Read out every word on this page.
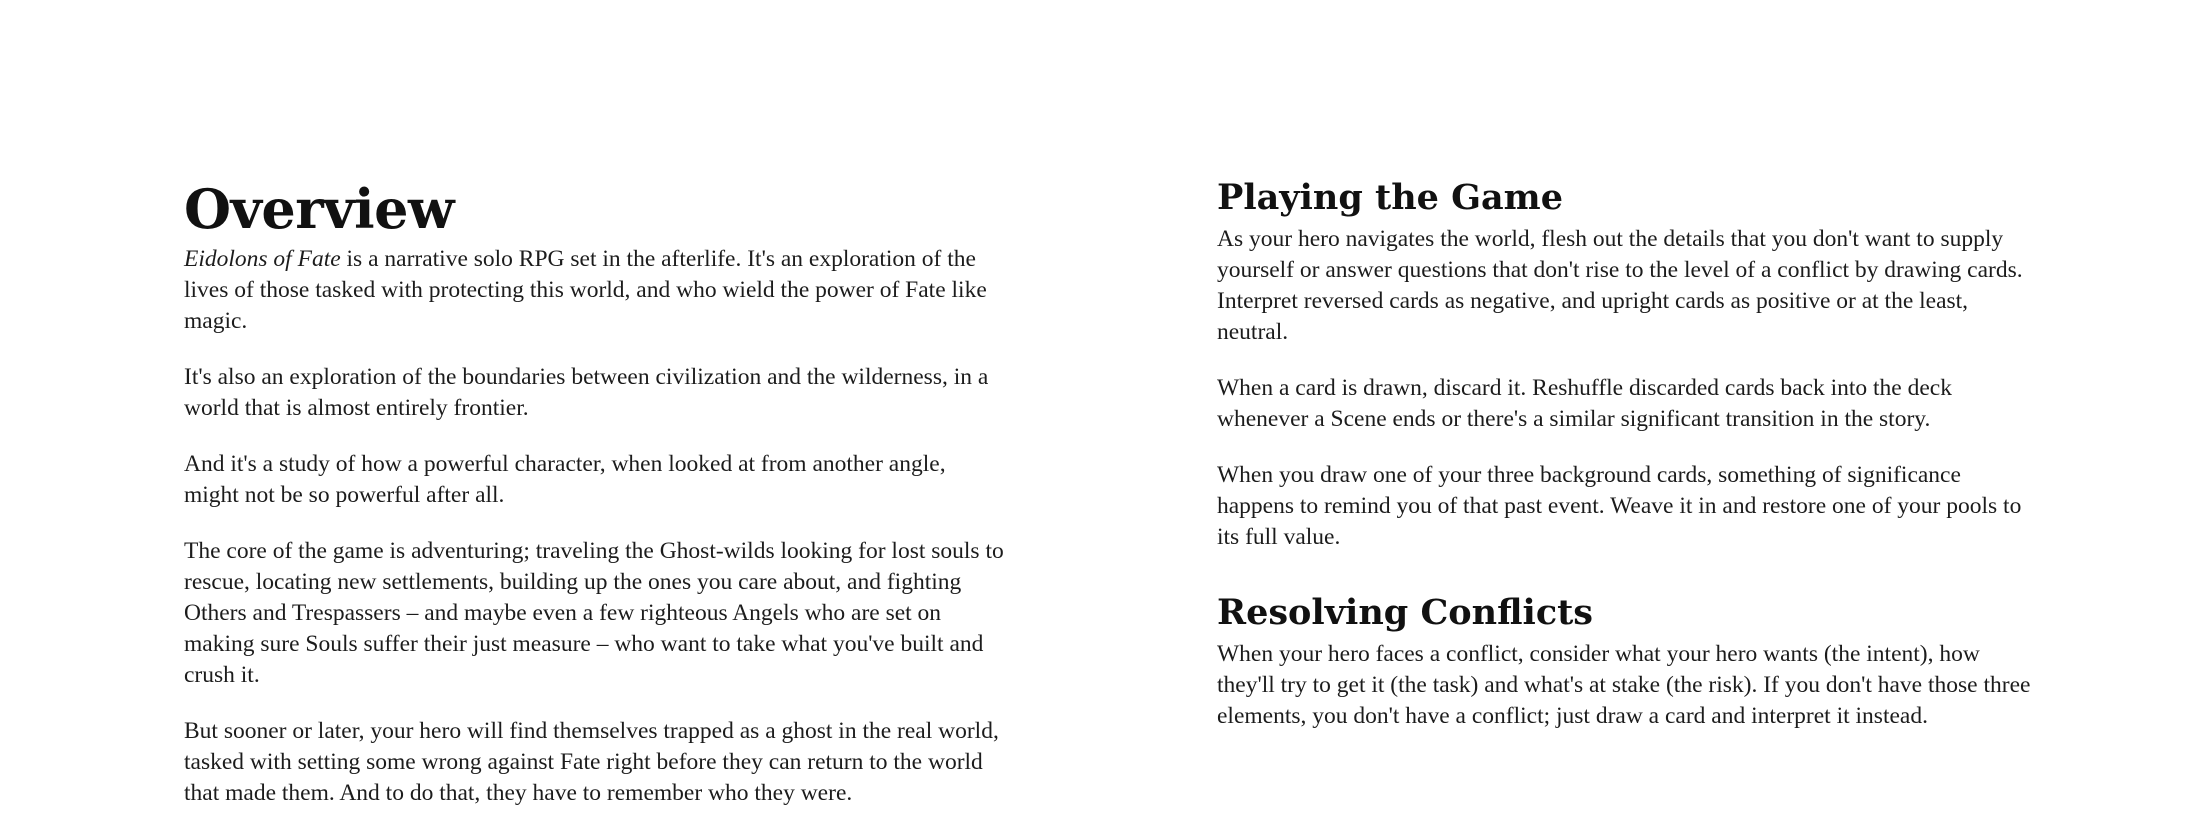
Overview

Eidolons of Fate is a narrative solo RPG set in the afterlife. It's an exploration of the lives of those tasked with protecting this world, and who wield the power of Fate like magic.

It's also an exploration of the boundaries between civilization and the wilderness, in a world that is almost entirely frontier.

And it's a study of how a powerful character, when looked at from another angle, might not be so powerful after all.

The core of the game is adventuring; traveling the Ghost-wilds looking for lost souls to rescue, locating new settlements, building up the ones you care about, and fighting Others and Trespassers – and maybe even a few righteous Angels who are set on making sure Souls suffer their just measure – who want to take what you've built and crush it.

But sooner or later, your hero will find themselves trapped as a ghost in the real world, tasked with setting some wrong against Fate right before they can return to the world that made them. And to do that, they have to remember who they were.

Playing the Game

As your hero navigates the world, flesh out the details that you don't want to supply yourself or answer questions that don't rise to the level of a conflict by drawing cards. Interpret reversed cards as negative, and upright cards as positive or at the least, neutral.

When a card is drawn, discard it. Reshuffle discarded cards back into the deck whenever a Scene ends or there's a similar significant transition in the story.

When you draw one of your three background cards, something of significance happens to remind you of that past event. Weave it in and restore one of your pools to its full value.

Resolving Conflicts

When your hero faces a conflict, consider what your hero wants (the intent), how they'll try to get it (the task) and what's at stake (the risk). If you don't have those three elements, you don't have a conflict; just draw a card and interpret it instead.
